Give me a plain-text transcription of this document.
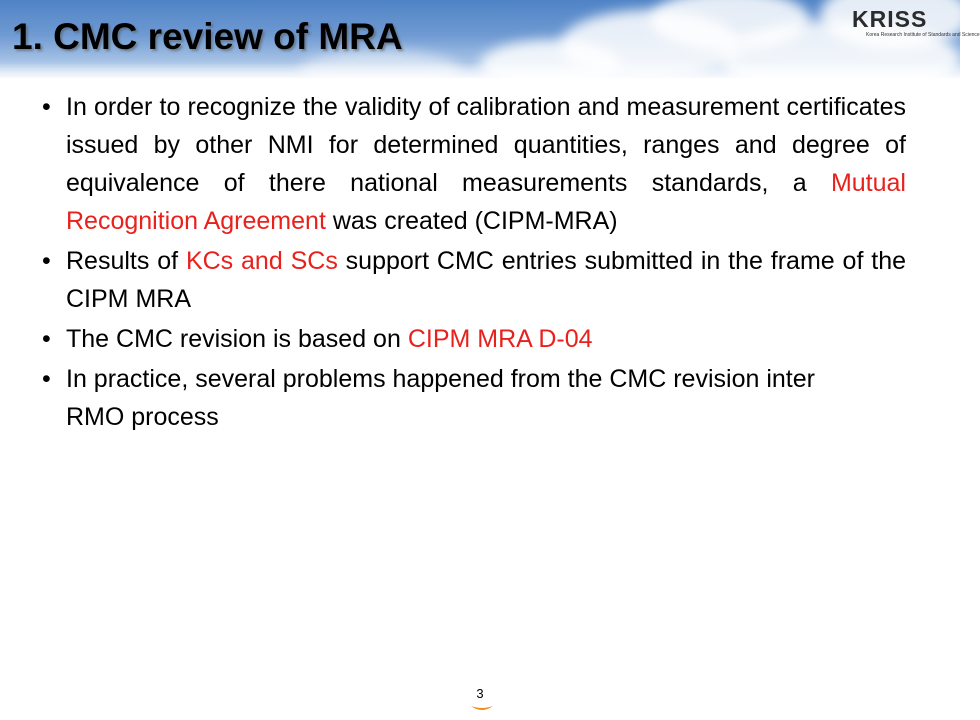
1. CMC review of MRA	KRISS
Korea Research Institute of Standards and Science
• In order to recognize the validity of calibration and measurement certificates issued by other NMI for determined quantities, ranges and degree of equivalence of there national measurements standards, a Mutual Recognition Agreement was created (CIPM-MRA)
• Results of KCs and SCs support CMC entries submitted in the frame of the CIPM MRA
• The CMC revision is based on CIPM MRA D-04
• In practice, several problems happened from the CMC revision inter RMO process
3
